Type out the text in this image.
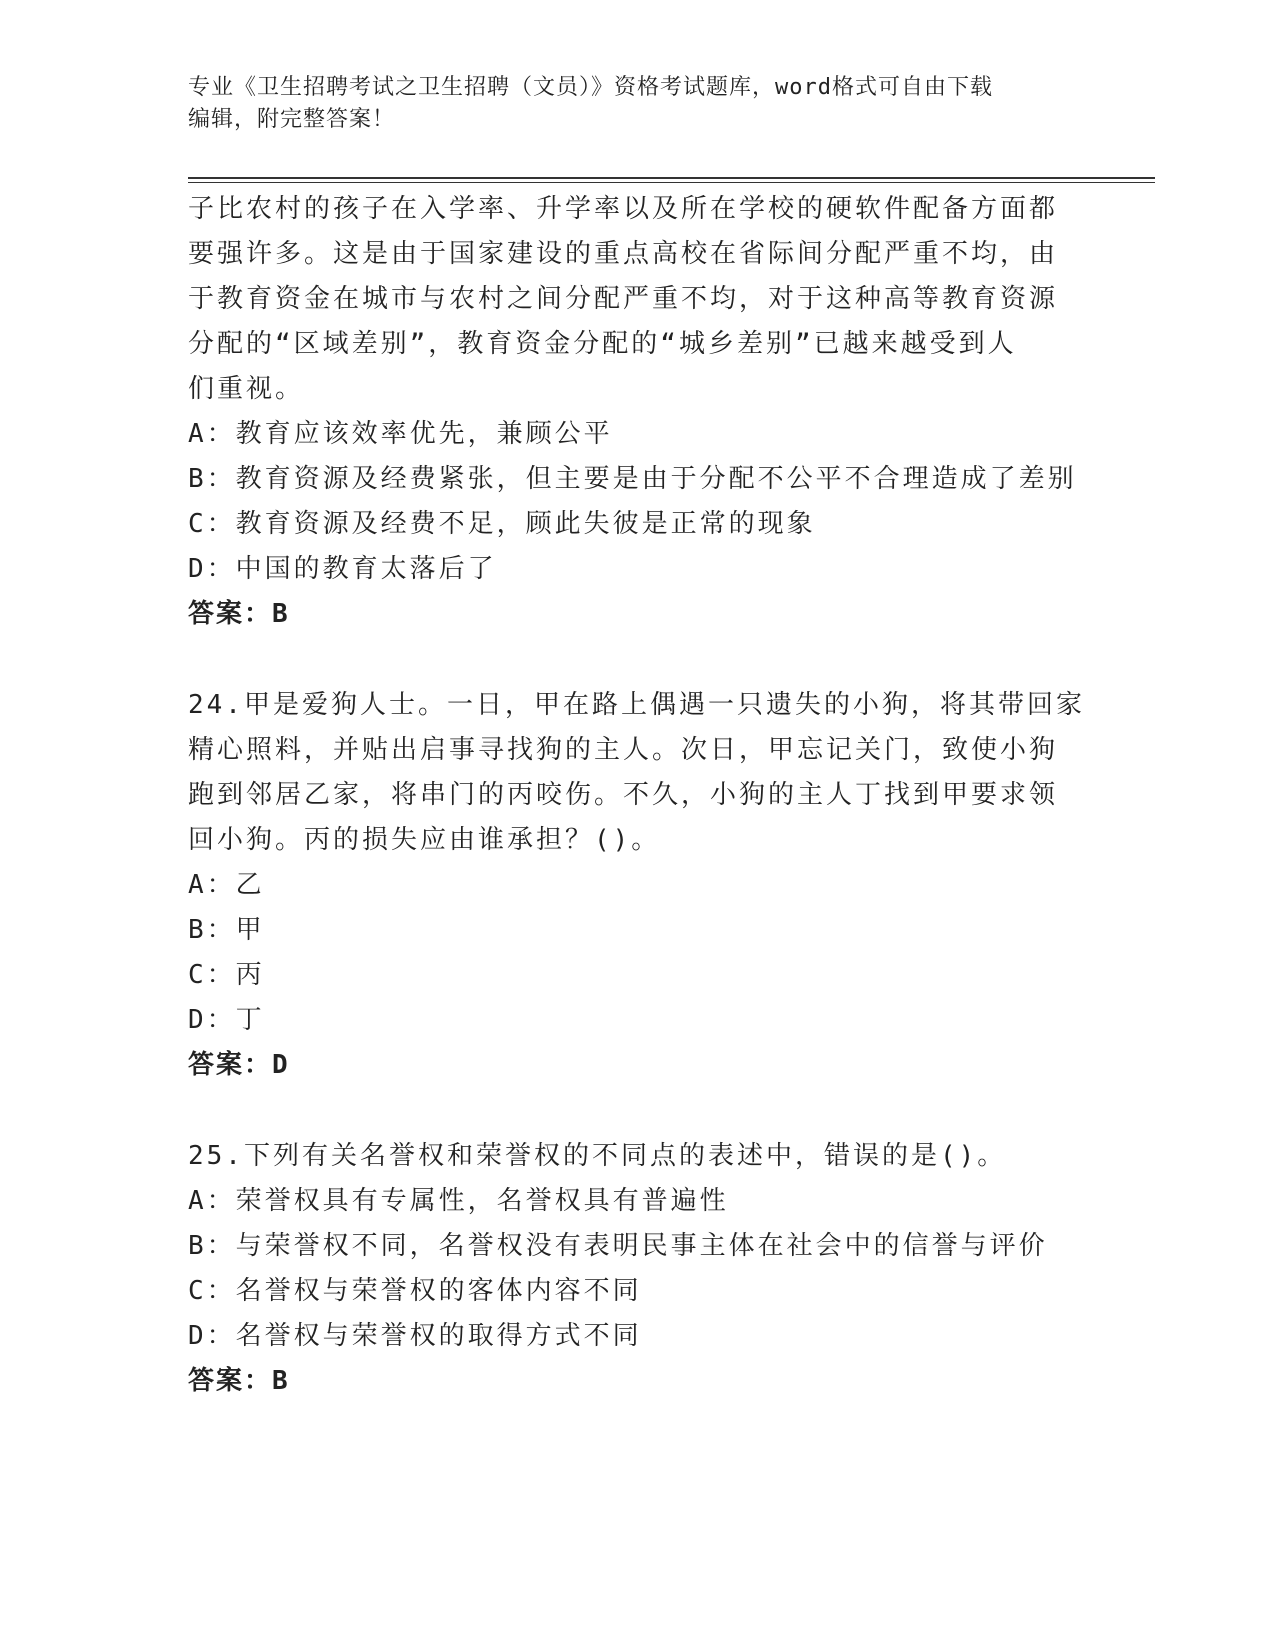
专业《卫生招聘考试之卫生招聘（文员）》资格考试题库，word格式可自由下载
编辑，附完整答案！
子比农村的孩子在入学率、升学率以及所在学校的硬软件配备方面都
要强许多。这是由于国家建设的重点高校在省际间分配严重不均，由
于教育资金在城市与农村之间分配严重不均，对于这种高等教育资源
分配的“区域差别”，教育资金分配的“城乡差别”已越来越受到人
们重视。
A：教育应该效率优先，兼顾公平
B：教育资源及经费紧张，但主要是由于分配不公平不合理造成了差别
C：教育资源及经费不足，顾此失彼是正常的现象
D：中国的教育太落后了
答案：B
24.甲是爱狗人士。一日，甲在路上偶遇一只遗失的小狗，将其带回家
精心照料，并贴出启事寻找狗的主人。次日，甲忘记关门，致使小狗
跑到邻居乙家，将串门的丙咬伤。不久，小狗的主人丁找到甲要求领
回小狗。丙的损失应由谁承担？()。
A：乙
B：甲
C：丙
D：丁
答案：D
25.下列有关名誉权和荣誉权的不同点的表述中，错误的是()。
A：荣誉权具有专属性，名誉权具有普遍性
B：与荣誉权不同，名誉权没有表明民事主体在社会中的信誉与评价
C：名誉权与荣誉权的客体内容不同
D：名誉权与荣誉权的取得方式不同
答案：B
